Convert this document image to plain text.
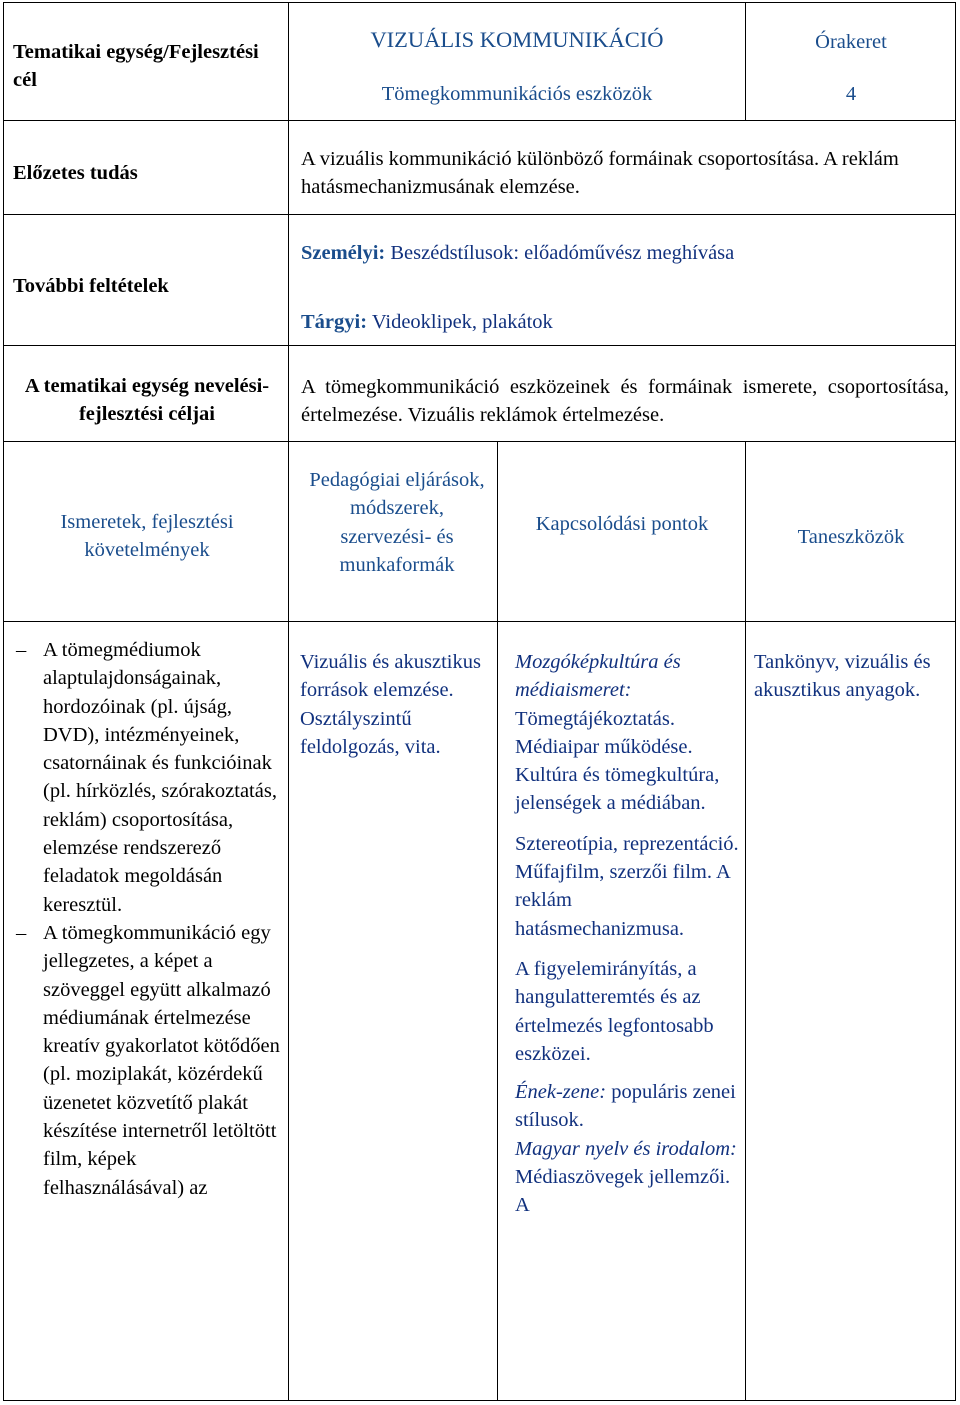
Tematikai egység/Fejlesztési cél
VIZUÁLIS KOMMUNIKÁCIÓ
Tömegkommunikációs eszközök
Órakeret
4
Előzetes tudás
A vizuális kommunikáció különböző formáinak csoportosítása. A reklám hatásmechanizmusának elemzése.
További feltételek
Személyi: Beszédstílusok: előadóművész meghívása
Tárgyi: Videoklipek, plakátok
A tematikai egység nevelési-fejlesztési céljai
A tömegkommunikáció eszközeinek és formáinak ismerete, csoportosítása, értelmezése. Vizuális reklámok értelmezése.
Ismeretek, fejlesztési követelmények
Pedagógiai eljárások, módszerek, szervezési- és munkaformák
Kapcsolódási pontok
Taneszközök
– A tömegmédiumok alaptulajdonságainak, hordozóinak (pl. újság, DVD), intézményeinek, csatornáinak és funkcióinak (pl. hírközlés, szórakoztatás, reklám) csoportosítása, elemzése rendszerező feladatok megoldásán keresztül.
– A tömegkommunikáció egy jellegzetes, a képet a szöveggel együtt alkalmazó médiumának értelmezése kreatív gyakorlatot kötődően (pl. moziplakát, közérdekű üzenetet közvetítő plakát készítése internetről letöltött film, képek felhasználásával) az
Vizuális és akusztikus források elemzése. Osztályszintű feldolgozás, vita.

Mozgóképkultúra és médiaismeret:

Tömegtájékoztatás. Médiaipar működése. Kultúra és tömegkultúra, jelenségek a médiában.

Sztereotípia, reprezentáció. Műfajfilm, szerzői film. A reklám hatásmechanizmusa.

A figyelemirányítás, a hangulatteremtés és az értelmezés legfontosabb eszközei.

Ének-zene: populáris zenei stílusok.

Magyar nyelv és irodalom:

Médiaszövegek jellemzői. A

Tankönyv, vizuális és akusztikus anyagok.
